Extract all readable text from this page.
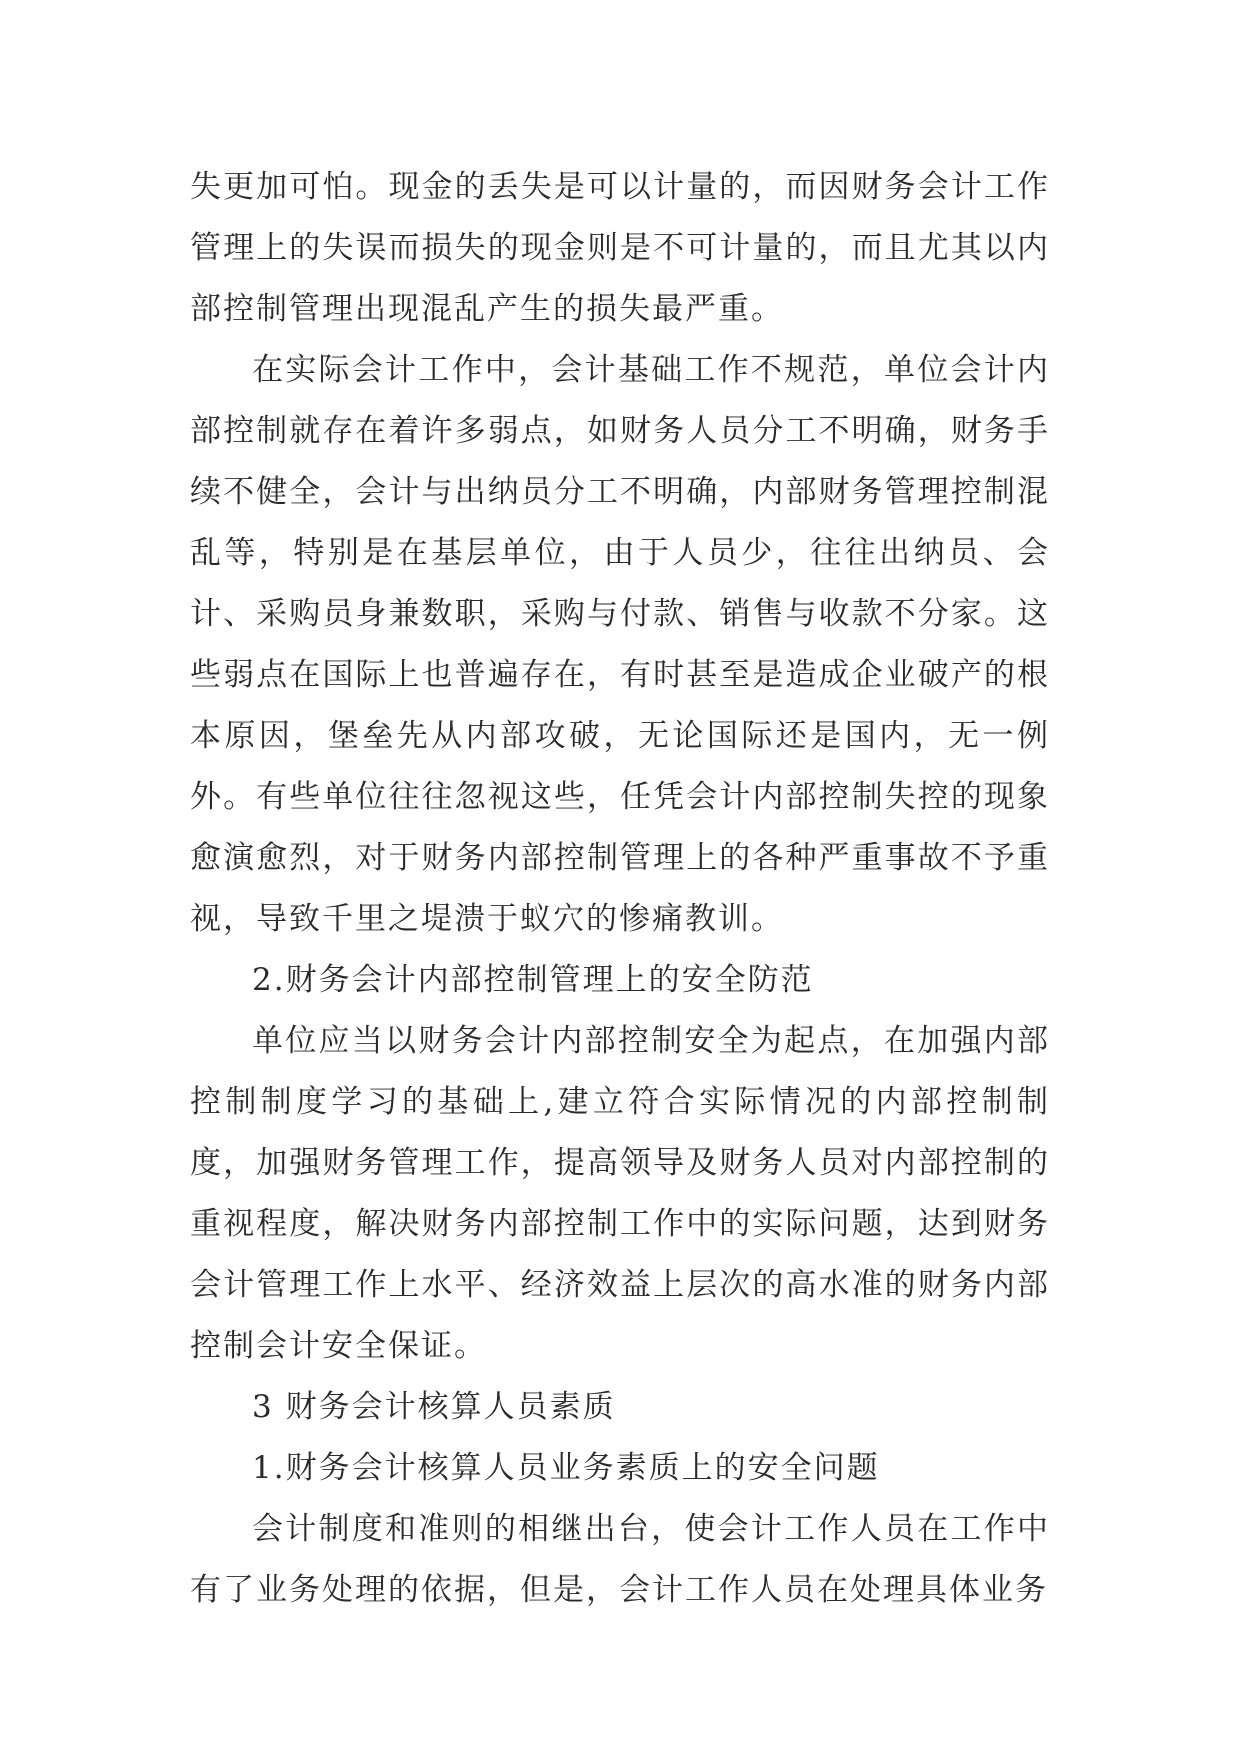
失更加可怕。现金的丢失是可以计量的，而因财务会计工作管理上的失误而损失的现金则是不可计量的，而且尤其以内部控制管理出现混乱产生的损失最严重。

在实际会计工作中，会计基础工作不规范，单位会计内部控制就存在着许多弱点，如财务人员分工不明确，财务手续不健全，会计与出纳员分工不明确，内部财务管理控制混乱等，特别是在基层单位，由于人员少，往往出纳员、会计、采购员身兼数职，采购与付款、销售与收款不分家。这些弱点在国际上也普遍存在，有时甚至是造成企业破产的根本原因，堡垒先从内部攻破，无论国际还是国内，无一例外。有些单位往往忽视这些，任凭会计内部控制失控的现象愈演愈烈，对于财务内部控制管理上的各种严重事故不予重视，导致千里之堤溃于蚁穴的惨痛教训。

2.财务会计内部控制管理上的安全防范

单位应当以财务会计内部控制安全为起点，在加强内部控制制度学习的基础上,建立符合实际情况的内部控制制度，加强财务管理工作，提高领导及财务人员对内部控制的重视程度，解决财务内部控制工作中的实际问题，达到财务会计管理工作上水平、经济效益上层次的高水准的财务内部控制会计安全保证。

3 财务会计核算人员素质

1.财务会计核算人员业务素质上的安全问题

会计制度和准则的相继出台，使会计工作人员在工作中有了业务处理的依据，但是，会计工作人员在处理具体业务
